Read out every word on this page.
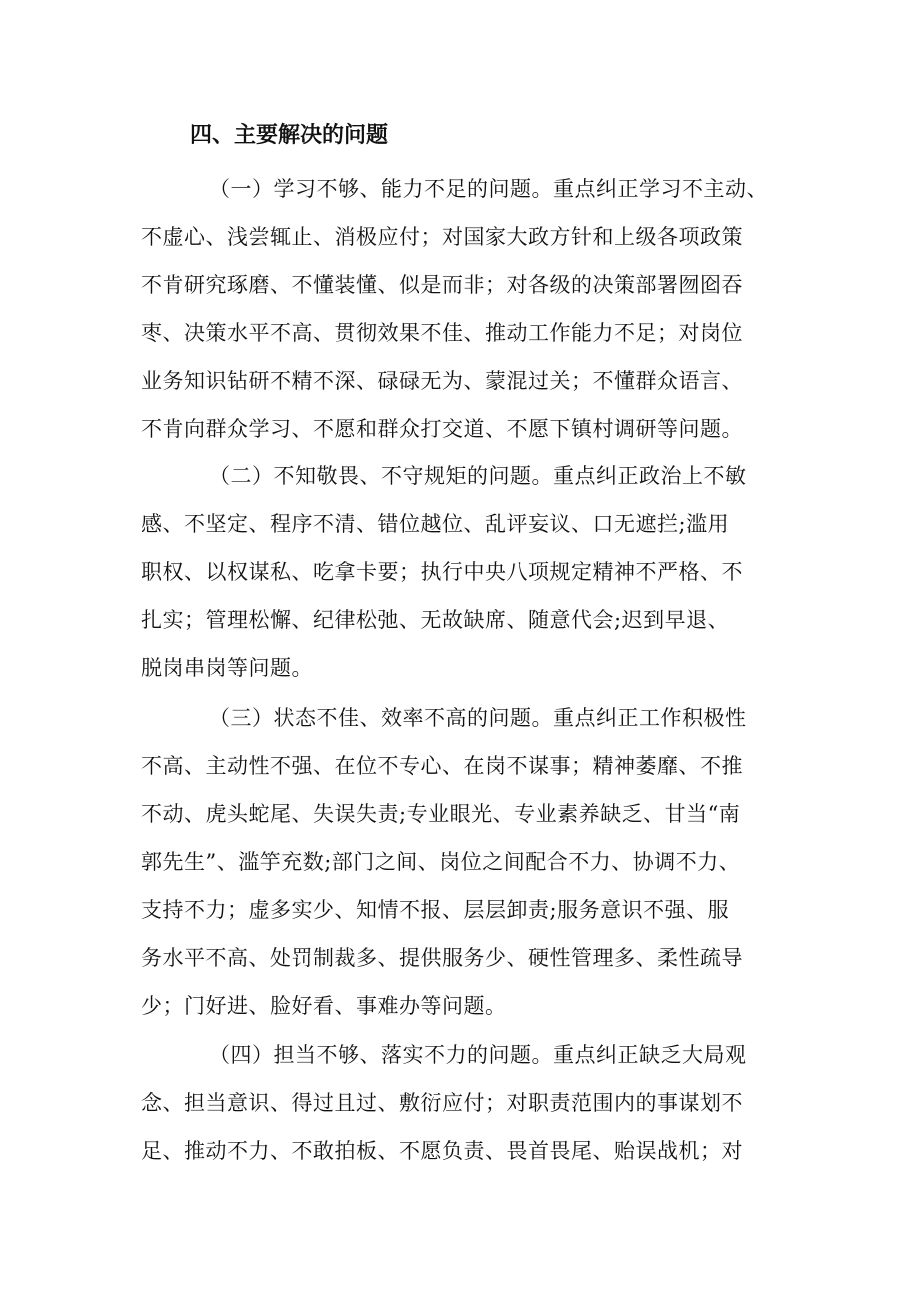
四、主要解决的问题
（一）学习不够、能力不足的问题。重点纠正学习不主动、
不虚心、浅尝辄止、消极应付；对国家大政方针和上级各项政策
不肯研究琢磨、不懂装懂、似是而非；对各级的决策部署囫囵吞
枣、决策水平不高、贯彻效果不佳、推动工作能力不足；对岗位
业务知识钻研不精不深、碌碌无为、蒙混过关；不懂群众语言、
不肯向群众学习、不愿和群众打交道、不愿下镇村调研等问题。
（二）不知敬畏、不守规矩的问题。重点纠正政治上不敏
感、不坚定、程序不清、错位越位、乱评妄议、口无遮拦;滥用
职权、以权谋私、吃拿卡要；执行中央八项规定精神不严格、不
扎实；管理松懈、纪律松弛、无故缺席、随意代会;迟到早退、
脱岗串岗等问题。
（三）状态不佳、效率不高的问题。重点纠正工作积极性
不高、主动性不强、在位不专心、在岗不谋事；精神萎靡、不推
不动、虎头蛇尾、失误失责;专业眼光、专业素养缺乏、甘当“南
郭先生”、滥竽充数;部门之间、岗位之间配合不力、协调不力、
支持不力；虚多实少、知情不报、层层卸责;服务意识不强、服
务水平不高、处罚制裁多、提供服务少、硬性管理多、柔性疏导
少；门好进、脸好看、事难办等问题。
（四）担当不够、落实不力的问题。重点纠正缺乏大局观
念、担当意识、得过且过、敷衍应付；对职责范围内的事谋划不
足、推动不力、不敢拍板、不愿负责、畏首畏尾、贻误战机；对
